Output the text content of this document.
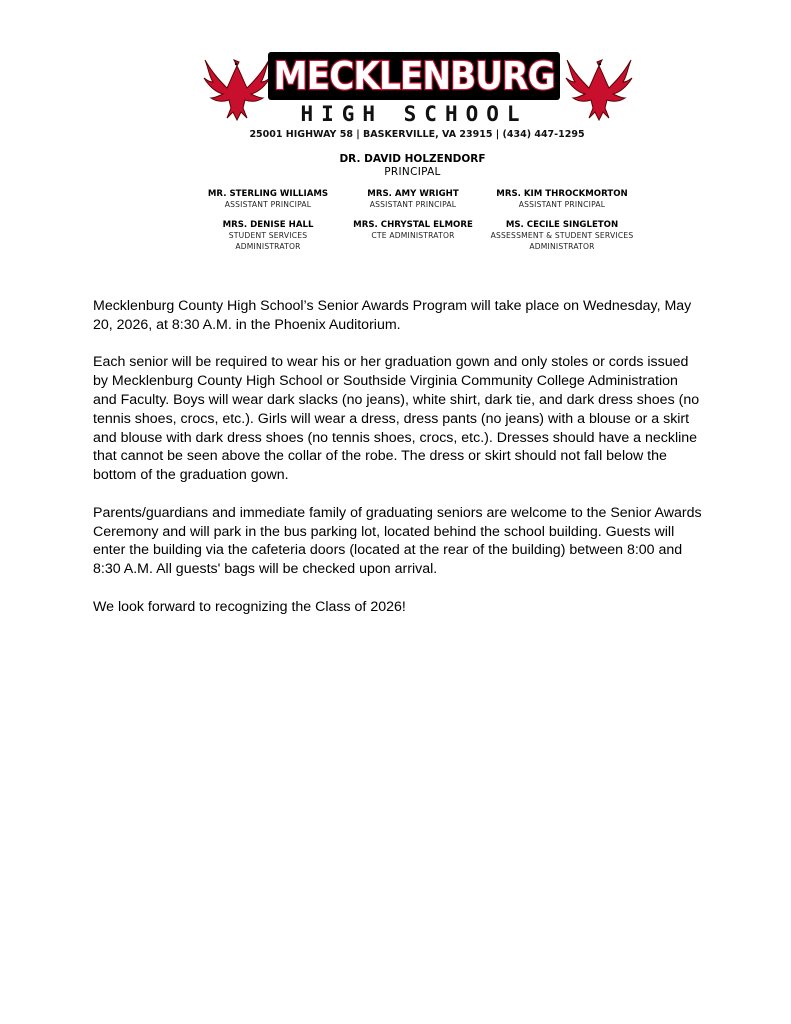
MECKLENBURG
HIGH SCHOOL
25001 HIGHWAY 58 | BASKERVILLE, VA 23915 | (434) 447-1295
DR. DAVID HOLZENDORF
PRINCIPAL
MR. STERLING WILLIAMS
ASSISTANT PRINCIPAL
MRS. AMY WRIGHT
ASSISTANT PRINCIPAL
MRS. KIM THROCKMORTON
ASSISTANT PRINCIPAL
MRS. DENISE HALL
STUDENT SERVICES
ADMINISTRATOR
MRS. CHRYSTAL ELMORE
CTE ADMINISTRATOR
MS. CECILE SINGLETON
ASSESSMENT & STUDENT SERVICES
ADMINISTRATOR

Mecklenburg County High School’s Senior Awards Program will take place on Wednesday, May 20, 2026, at 8:30 A.M. in the Phoenix Auditorium.

Each senior will be required to wear his or her graduation gown and only stoles or cords issued by Mecklenburg County High School or Southside Virginia Community College Administration and Faculty. Boys will wear dark slacks (no jeans), white shirt, dark tie, and dark dress shoes (no tennis shoes, crocs, etc.). Girls will wear a dress, dress pants (no jeans) with a blouse or a skirt and blouse with dark dress shoes (no tennis shoes, crocs, etc.). Dresses should have a neckline that cannot be seen above the collar of the robe. The dress or skirt should not fall below the bottom of the graduation gown.

Parents/guardians and immediate family of graduating seniors are welcome to the Senior Awards Ceremony and will park in the bus parking lot, located behind the school building. Guests will enter the building via the cafeteria doors (located at the rear of the building) between 8:00 and 8:30 A.M. All guests' bags will be checked upon arrival.

We look forward to recognizing the Class of 2026!
